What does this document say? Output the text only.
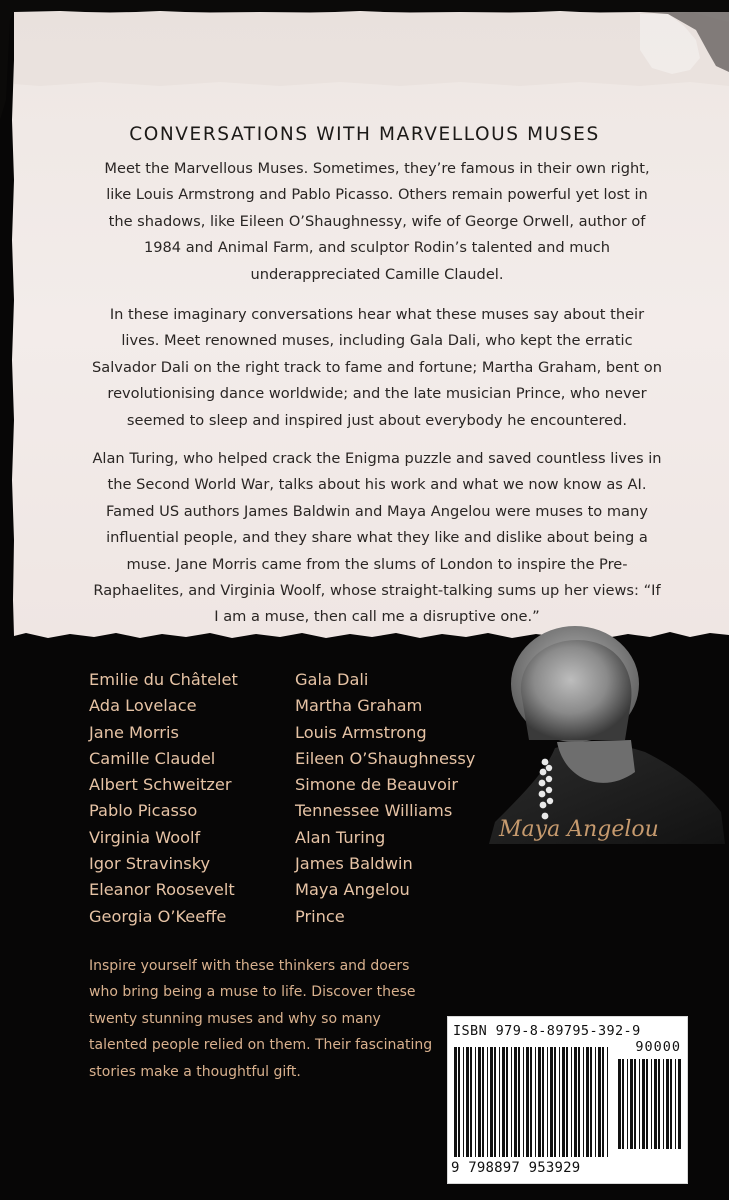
CONVERSATIONS WITH MARVELLOUS MUSES

Meet the Marvellous Muses. Sometimes, they’re famous in their own right, like Louis Armstrong and Pablo Picasso. Others remain powerful yet lost in the shadows, like Eileen O’Shaughnessy, wife of George Orwell, author of 1984 and Animal Farm, and sculptor Rodin’s talented and much underappreciated Camille Claudel.

In these imaginary conversations hear what these muses say about their lives. Meet renowned muses, including Gala Dali, who kept the erratic Salvador Dali on the right track to fame and fortune; Martha Graham, bent on revolutionising dance worldwide; and the late musician Prince, who never seemed to sleep and inspired just about everybody he encountered.

Alan Turing, who helped crack the Enigma puzzle and saved countless lives in the Second World War, talks about his work and what we now know as AI. Famed US authors James Baldwin and Maya Angelou were muses to many influential people, and they share what they like and dislike about being a muse. Jane Morris came from the slums of London to inspire the Pre-Raphaelites, and Virginia Woolf, whose straight-talking sums up her views: “If I am a muse, then call me a disruptive one.”

Emilie du Châtelet
Ada Lovelace
Jane Morris
Camille Claudel
Albert Schweitzer
Pablo Picasso
Virginia Woolf
Igor Stravinsky
Eleanor Roosevelt
Georgia O’Keeffe
Gala Dali
Martha Graham
Louis Armstrong
Eileen O’Shaughnessy
Simone de Beauvoir
Tennessee Williams
Alan Turing
James Baldwin
Maya Angelou
Prince
Maya Angelou

Inspire yourself with these thinkers and doers who bring being a muse to life. Discover these twenty stunning muses and why so many talented people relied on them. Their fascinating stories make a thoughtful gift.

ISBN 979-8-89795-392-9
90000
9 798897 953929
